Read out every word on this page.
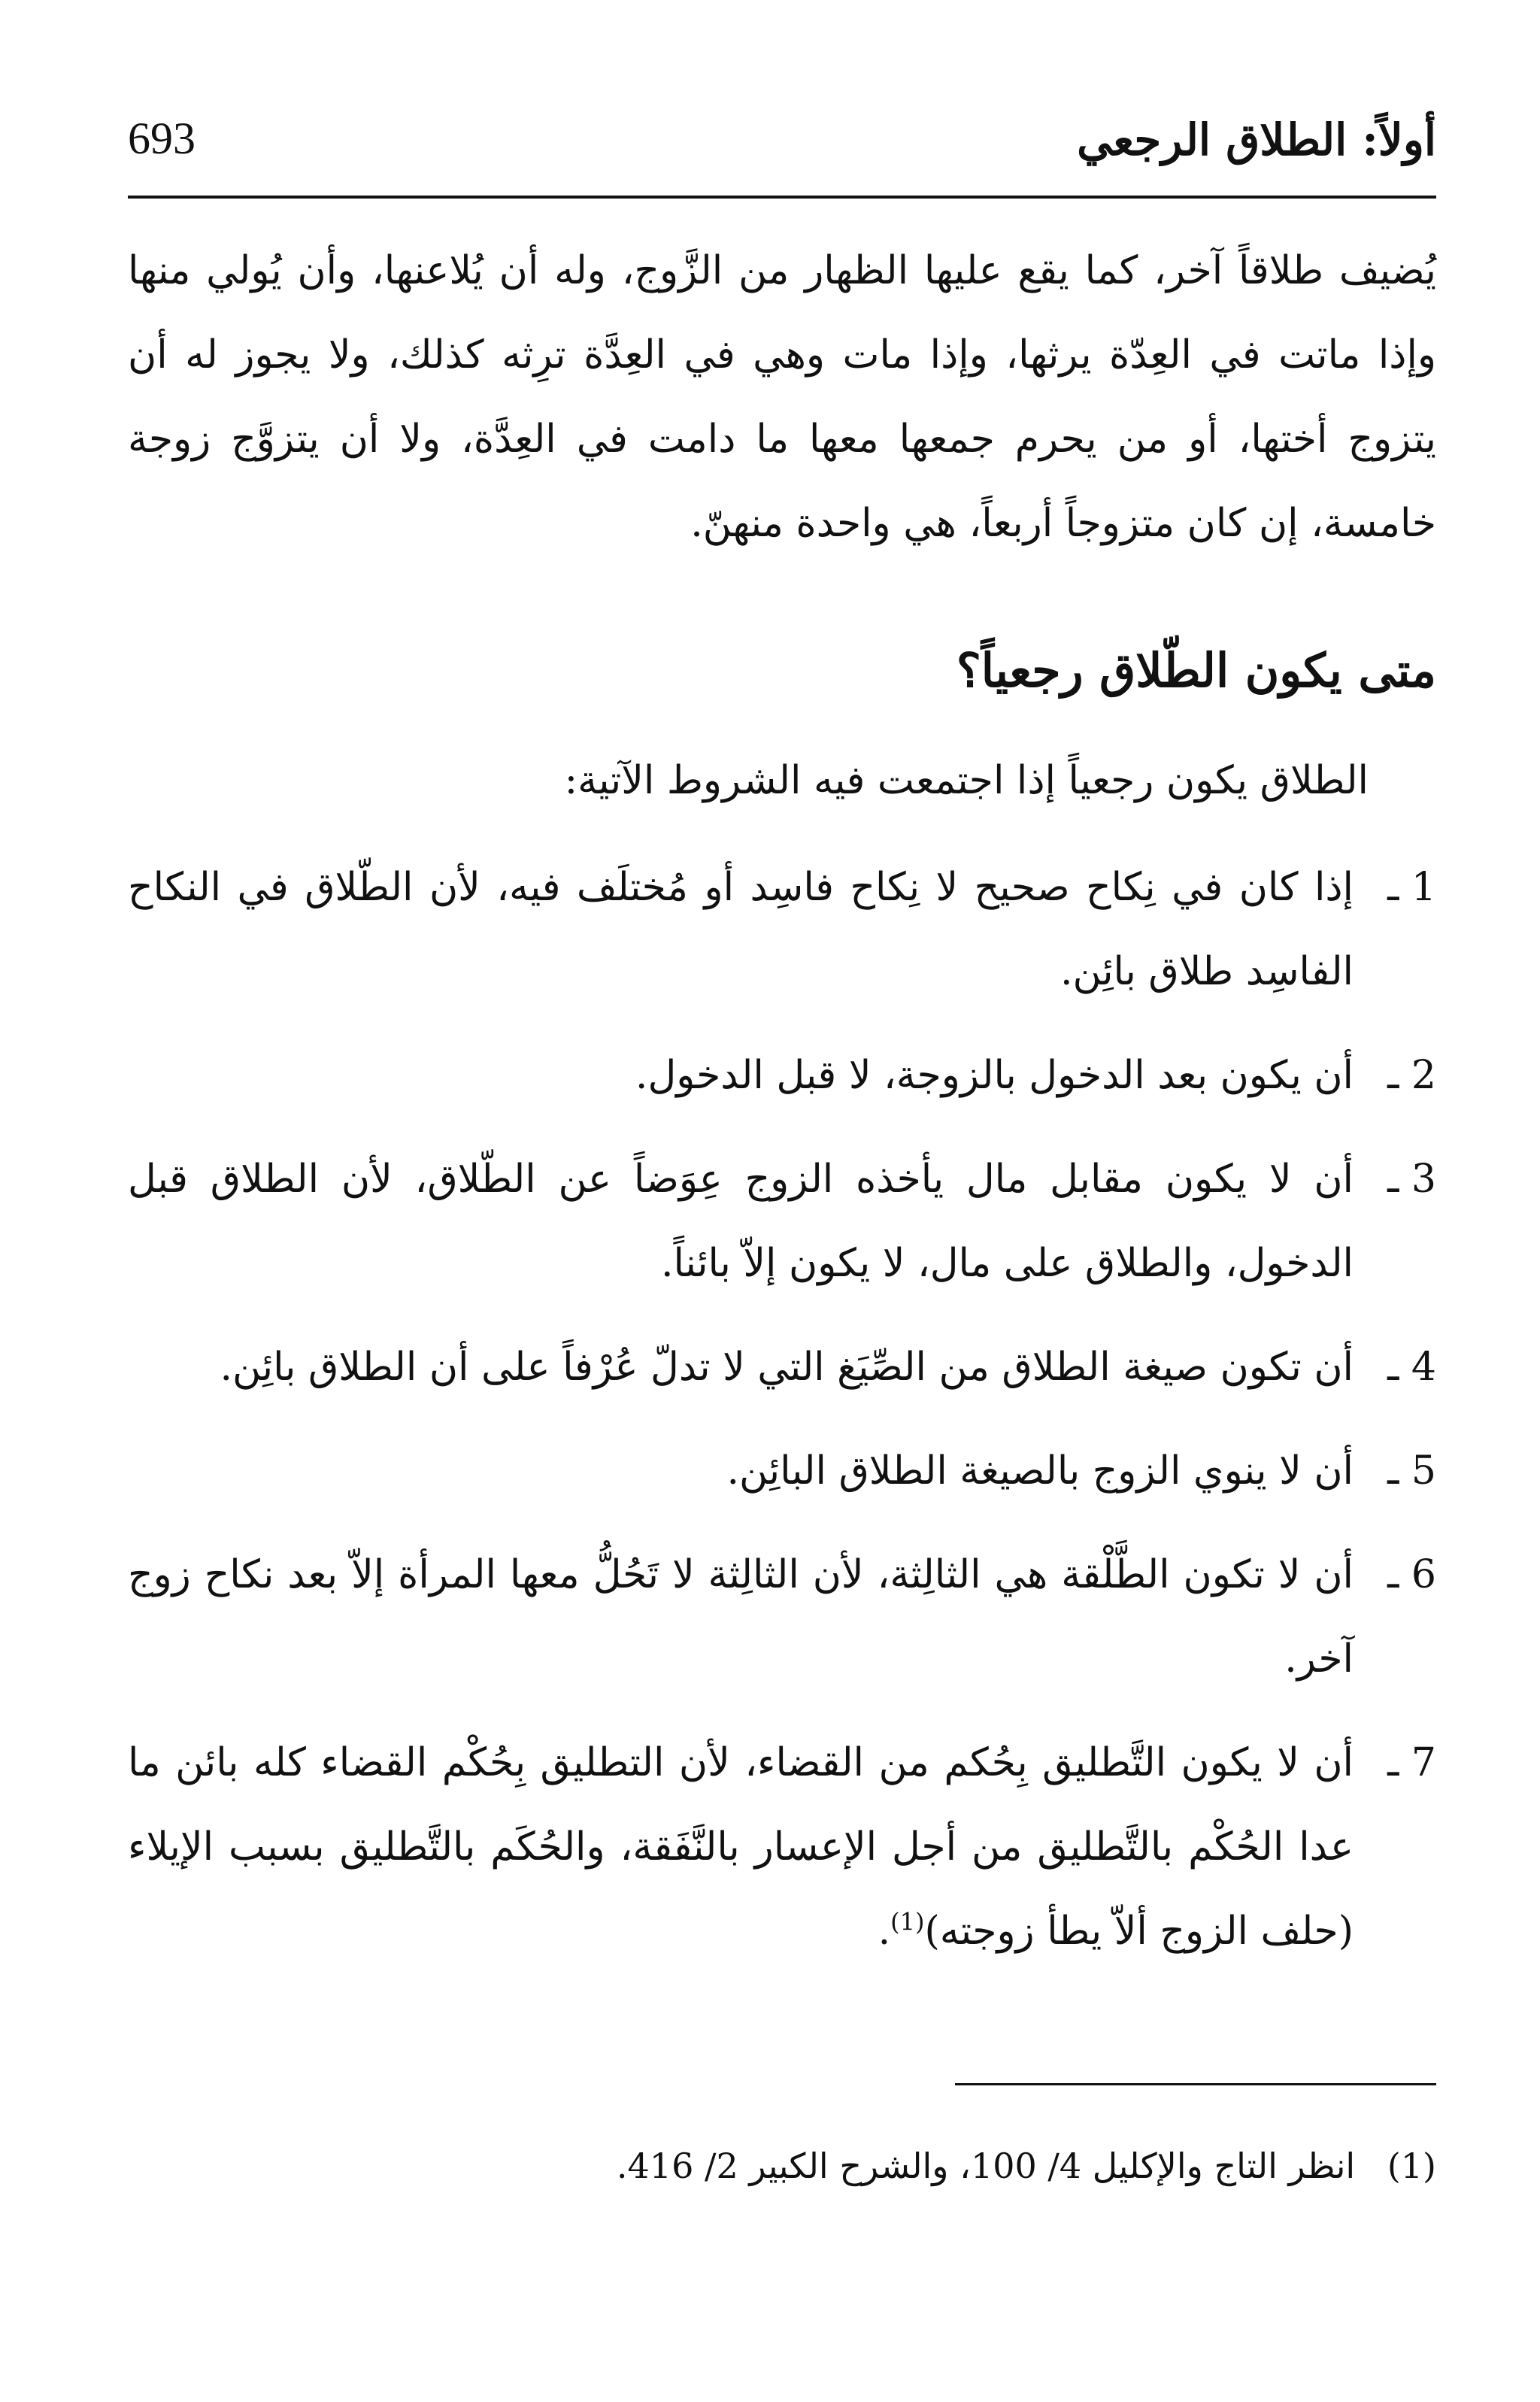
693	أولاً: الطلاق الرجعي

يُضيف طلاقاً آخر، كما يقع عليها الظهار من الزَّوج، وله أن يُلاعنها، وأن يُولي منها وإذا ماتت في العِدّة يرثها، وإذا مات وهي في العِدَّة ترِثه كذلك، ولا يجوز له أن يتزوج أختها، أو من يحرم جمعها معها ما دامت في العِدَّة، ولا أن يتزوَّج زوجة خامسة، إن كان متزوجاً أربعاً، هي واحدة منهنّ.

متى يكون الطّلاق رجعياً؟

الطلاق يكون رجعياً إذا اجتمعت فيه الشروط الآتية:

1 ـ
إذا كان في نِكاح صحيح لا نِكاح فاسِد أو مُختلَف فيه، لأن الطّلاق في النكاح الفاسِد طلاق بائِن.
2 ـ
أن يكون بعد الدخول بالزوجة، لا قبل الدخول.
3 ـ
أن لا يكون مقابل مال يأخذه الزوج عِوَضاً عن الطّلاق، لأن الطلاق قبل الدخول، والطلاق على مال، لا يكون إلاّ بائناً.
4 ـ
أن تكون صيغة الطلاق من الصِّيَغ التي لا تدلّ عُرْفاً على أن الطلاق بائِن.
5 ـ
أن لا ينوي الزوج بالصيغة الطلاق البائِن.
6 ـ
أن لا تكون الطَّلْقة هي الثالِثة، لأن الثالِثة لا تَحُلُّ معها المرأة إلاّ بعد نكاح زوج آخر.
7 ـ
أن لا يكون التَّطليق بِحُكم من القضاء، لأن التطليق بِحُكْم القضاء كله بائن ما عدا الحُكْم بالتَّطليق من أجل الإعسار بالنَّفَقة، والحُكَم بالتَّطليق بسبب الإيلاء (حلف الزوج ألاّ يطأ زوجته)$^{(1)}$.
(1) انظر التاج والإكليل 4/ 100، والشرح الكبير 2/ 416.
